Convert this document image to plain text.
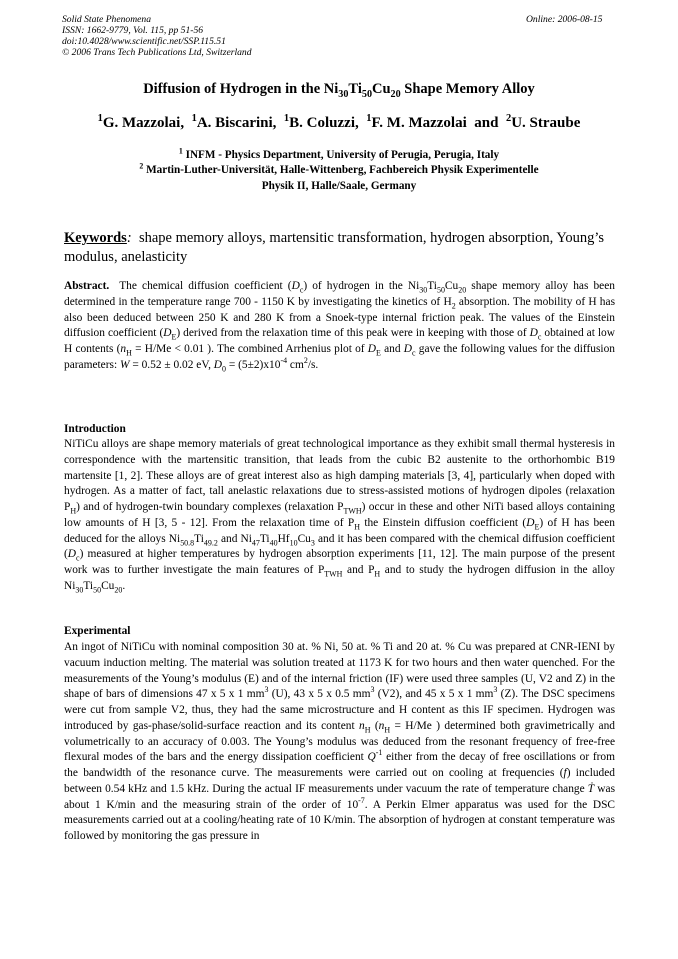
Solid State Phenomena
ISSN: 1662-9779, Vol. 115, pp 51-56
doi:10.4028/www.scientific.net/SSP.115.51
© 2006 Trans Tech Publications Ltd, Switzerland
Online: 2006-08-15
Diffusion of Hydrogen in the $Ni_{30}Ti_{50}Cu_{20}$ Shape Memory Alloy
$^1$G. Mazzolai, $^1$A. Biscarini, $^1$B. Coluzzi, $^1$F. M. Mazzolai and $^2$U. Straube
$^1$ INFM - Physics Department, University of Perugia, Perugia, Italy
$^2$ Martin-Luther-Universität, Halle-Wittenberg, Fachbereich Physik Experimentelle
Physik II, Halle/Saale, Germany
Keywords: shape memory alloys, martensitic transformation, hydrogen absorption, Young’s modulus, anelasticity
Abstract. The chemical diffusion coefficient $(D_c)$ of hydrogen in the $Ni_{30}Ti_{50}Cu_{20}$ shape memory alloy has been determined in the temperature range 700 - 1150 K by investigating the kinetics of $H_2$ absorption. The mobility of H has also been deduced between 250 K and 280 K from a Snoek-type internal friction peak. The values of the Einstein diffusion coefficient $(D_E)$ derived from the relaxation time of this peak were in keeping with those of $D_c$ obtained at low H contents ($n_H = H/Me < 0.01$ ). The combined Arrhenius plot of $D_E$ and $D_c$ gave the following values for the diffusion parameters: W = 0.52 ± 0.02 eV, $D_0 = (5\pm 2)x10^{-4}$ $cm^2/s$.
Introduction
NiTiCu alloys are shape memory materials of great technological importance as they exhibit small thermal hysteresis in correspondence with the martensitic transition, that leads from the cubic B2 austenite to the orthorhombic B19 martensite [1, 2]. These alloys are of great interest also as high damping materials [3, 4], particularly when doped with hydrogen. As a matter of fact, tall anelastic relaxations due to stress-assisted motions of hydrogen dipoles (relaxation $P_H$) and of hydrogen-twin boundary complexes (relaxation $P_{TWH}$) occur in these and other NiTi based alloys containing low amounts of H [3, 5 - 12]. From the relaxation time of $P_H$ the Einstein diffusion coefficient $(D_E)$ of H has been deduced for the alloys $Ni_{50.8}Ti_{49.2}$ and $Ni_{47}Ti_{40}Hf_{10}Cu_3$ and it has been compared with the chemical diffusion coefficient $(D_c)$ measured at higher temperatures by hydrogen absorption experiments [11, 12]. The main purpose of the present work was to further investigate the main features of $P_{TWH}$ and $P_H$ and to study the hydrogen diffusion in the alloy $Ni_{30}Ti_{50}Cu_{20}$.
Experimental
An ingot of NiTiCu with nominal composition 30 at. % Ni, 50 at. % Ti and 20 at. % Cu was prepared at CNR-IENI by vacuum induction melting. The material was solution treated at 1173 K for two hours and then water quenched. For the measurements of the Young’s modulus (E) and of the internal friction (IF) were used three samples (U, V2 and Z) in the shape of bars of dimensions 47 x 5 x 1 $mm^3$ (U), 43 x 5 x 0.5 $mm^3$ (V2), and 45 x 5 x 1 $mm^3$ (Z). The DSC specimens were cut from sample V2, thus, they had the same microstructure and H content as this IF specimen. Hydrogen was introduced by gas-phase/solid-surface reaction and its content $n_H$ ($n_H = H/Me$ ) determined both gravimetrically and volumetrically to an accuracy of 0.003. The Young’s modulus was deduced from the resonant frequency of free-free flexural modes of the bars and the energy dissipation coefficient $Q^{-1}$ either from the decay of free oscillations or from the bandwidth of the resonance curve. The measurements were carried out on cooling at frequencies (f) included between 0.54 kHz and 1.5 kHz. During the actual IF measurements under vacuum the rate of temperature change Ṫ was about 1 K/min and the measuring strain of the order of $10^{-7}$. A Perkin Elmer apparatus was used for the DSC measurements carried out at a cooling/heating rate of 10 K/min. The absorption of hydrogen at constant temperature was followed by monitoring the gas pressure in
